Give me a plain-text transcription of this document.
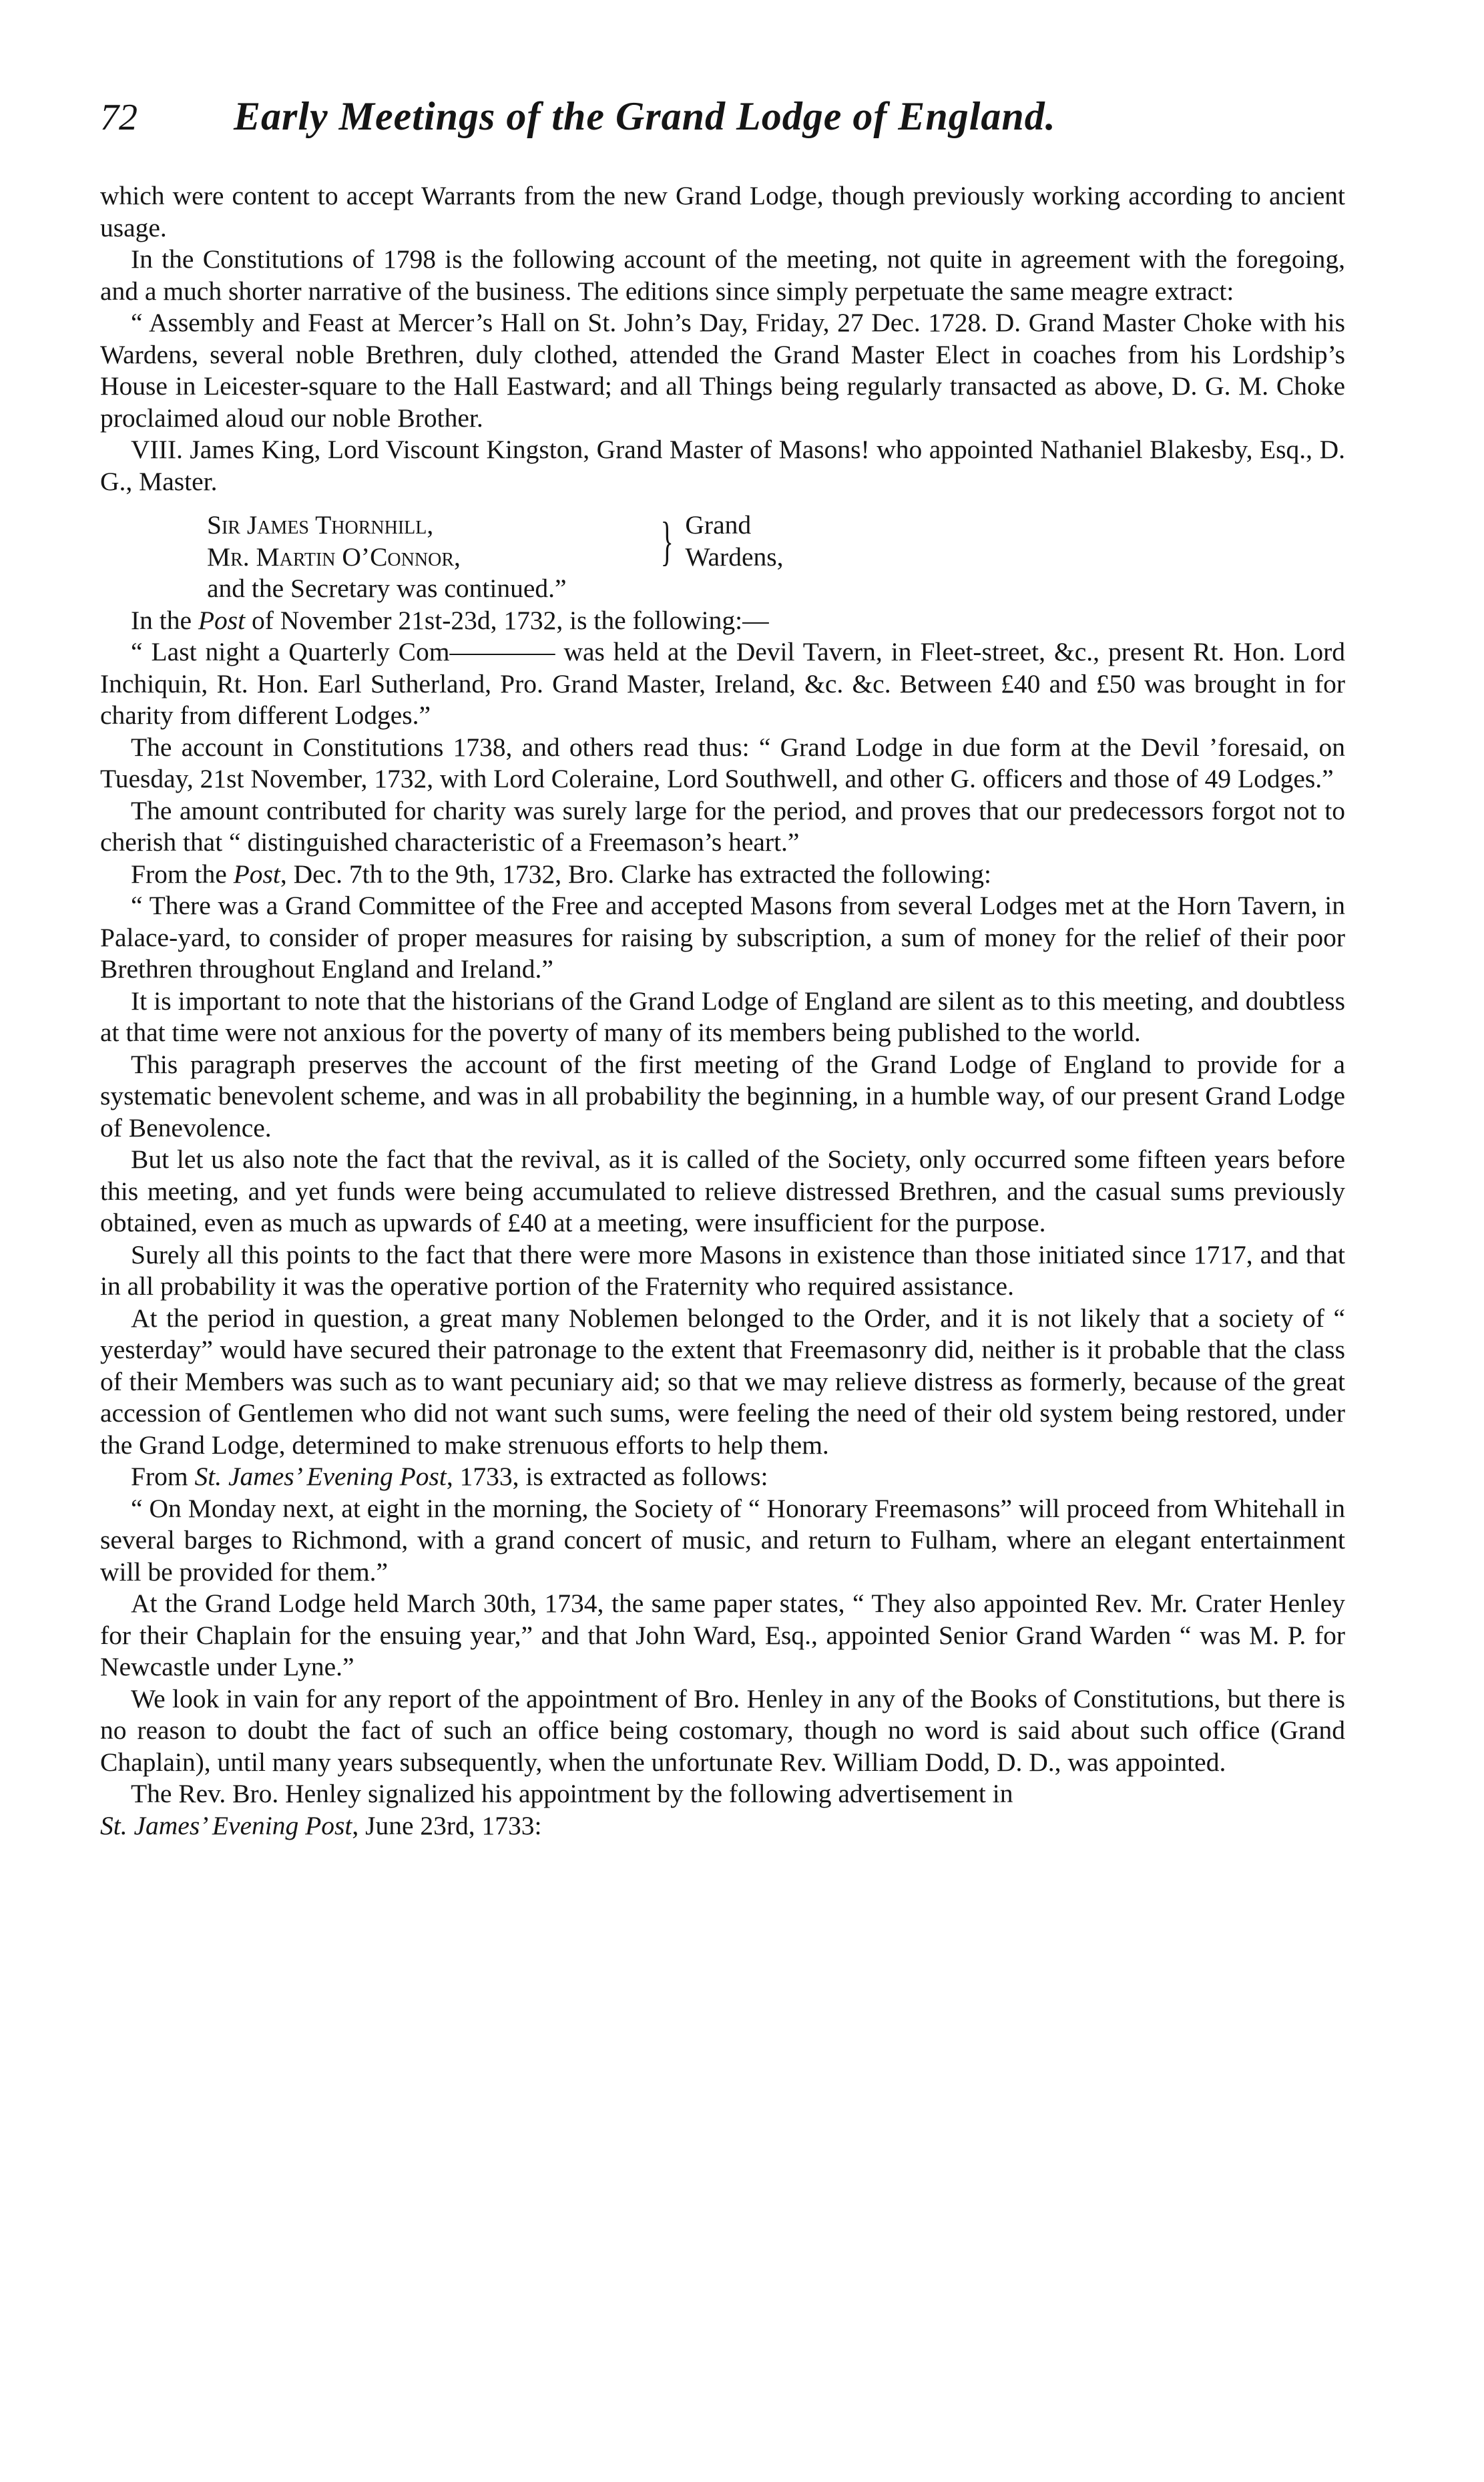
72	Early Meetings of the Grand Lodge of England.

which were content to accept Warrants from the new Grand Lodge, though previously working according to ancient usage.

In the Constitutions of 1798 is the following account of the meeting, not quite in agreement with the foregoing, and a much shorter narrative of the business. The editions since simply perpetuate the same meagre extract:

“ Assembly and Feast at Mercer’s Hall on St. John’s Day, Friday, 27 Dec. 1728. D. Grand Master Choke with his Wardens, several noble Brethren, duly clothed, attended the Grand Master Elect in coaches from his Lordship’s House in Leicester-square to the Hall Eastward; and all Things being regularly transacted as above, D. G. M. Choke proclaimed aloud our noble Brother.

VIII. James King, Lord Viscount Kingston, Grand Master of Masons! who appointed Nathaniel Blakesby, Esq., D. G., Master.

Sir James Thornhill,	} Grand
Wardens,
Mr. Martin O’Connor,

and the Secretary was continued.”

In the Post of November 21st-23d, 1732, is the following:—

“ Last night a Quarterly Com———— was held at the Devil Tavern, in Fleet-street, &c., present Rt. Hon. Lord Inchiquin, Rt. Hon. Earl Sutherland, Pro. Grand Master, Ireland, &c. &c. Between £40 and £50 was brought in for charity from different Lodges.”

The account in Constitutions 1738, and others read thus: “ Grand Lodge in due form at the Devil ’foresaid, on Tuesday, 21st November, 1732, with Lord Coleraine, Lord Southwell, and other G. officers and those of 49 Lodges.”

The amount contributed for charity was surely large for the period, and proves that our predecessors forgot not to cherish that “ distinguished characteristic of a Freemason’s heart.”

From the Post, Dec. 7th to the 9th, 1732, Bro. Clarke has extracted the following:

“ There was a Grand Committee of the Free and accepted Masons from several Lodges met at the Horn Tavern, in Palace-yard, to consider of proper measures for raising by subscription, a sum of money for the relief of their poor Brethren throughout England and Ireland.”

It is important to note that the historians of the Grand Lodge of England are silent as to this meeting, and doubtless at that time were not anxious for the poverty of many of its members being published to the world.

This paragraph preserves the account of the first meeting of the Grand Lodge of England to provide for a systematic benevolent scheme, and was in all probability the beginning, in a humble way, of our present Grand Lodge of Benevolence.

But let us also note the fact that the revival, as it is called of the Society, only occurred some fifteen years before this meeting, and yet funds were being accumulated to relieve distressed Brethren, and the casual sums previously obtained, even as much as upwards of £40 at a meeting, were insufficient for the purpose.

Surely all this points to the fact that there were more Masons in existence than those initiated since 1717, and that in all probability it was the operative portion of the Fraternity who required assistance.

At the period in question, a great many Noblemen belonged to the Order, and it is not likely that a society of “ yesterday” would have secured their patronage to the extent that Freemasonry did, neither is it probable that the class of their Members was such as to want pecuniary aid; so that we may relieve distress as formerly, because of the great accession of Gentlemen who did not want such sums, were feeling the need of their old system being restored, under the Grand Lodge, determined to make strenuous efforts to help them.

From St. James’ Evening Post, 1733, is extracted as follows:

“ On Monday next, at eight in the morning, the Society of “ Honorary Freemasons” will proceed from Whitehall in several barges to Richmond, with a grand concert of music, and return to Fulham, where an elegant entertainment will be provided for them.”

At the Grand Lodge held March 30th, 1734, the same paper states, “ They also appointed Rev. Mr. Crater Henley for their Chaplain for the ensuing year,” and that John Ward, Esq., appointed Senior Grand Warden “ was M. P. for Newcastle under Lyne.”

We look in vain for any report of the appointment of Bro. Henley in any of the Books of Constitutions, but there is no reason to doubt the fact of such an office being costomary, though no word is said about such office (Grand Chaplain), until many years subsequently, when the unfortunate Rev. William Dodd, D. D., was appointed.

The Rev. Bro. Henley signalized his appointment by the following advertisement in

St. James’ Evening Post, June 23rd, 1733:
